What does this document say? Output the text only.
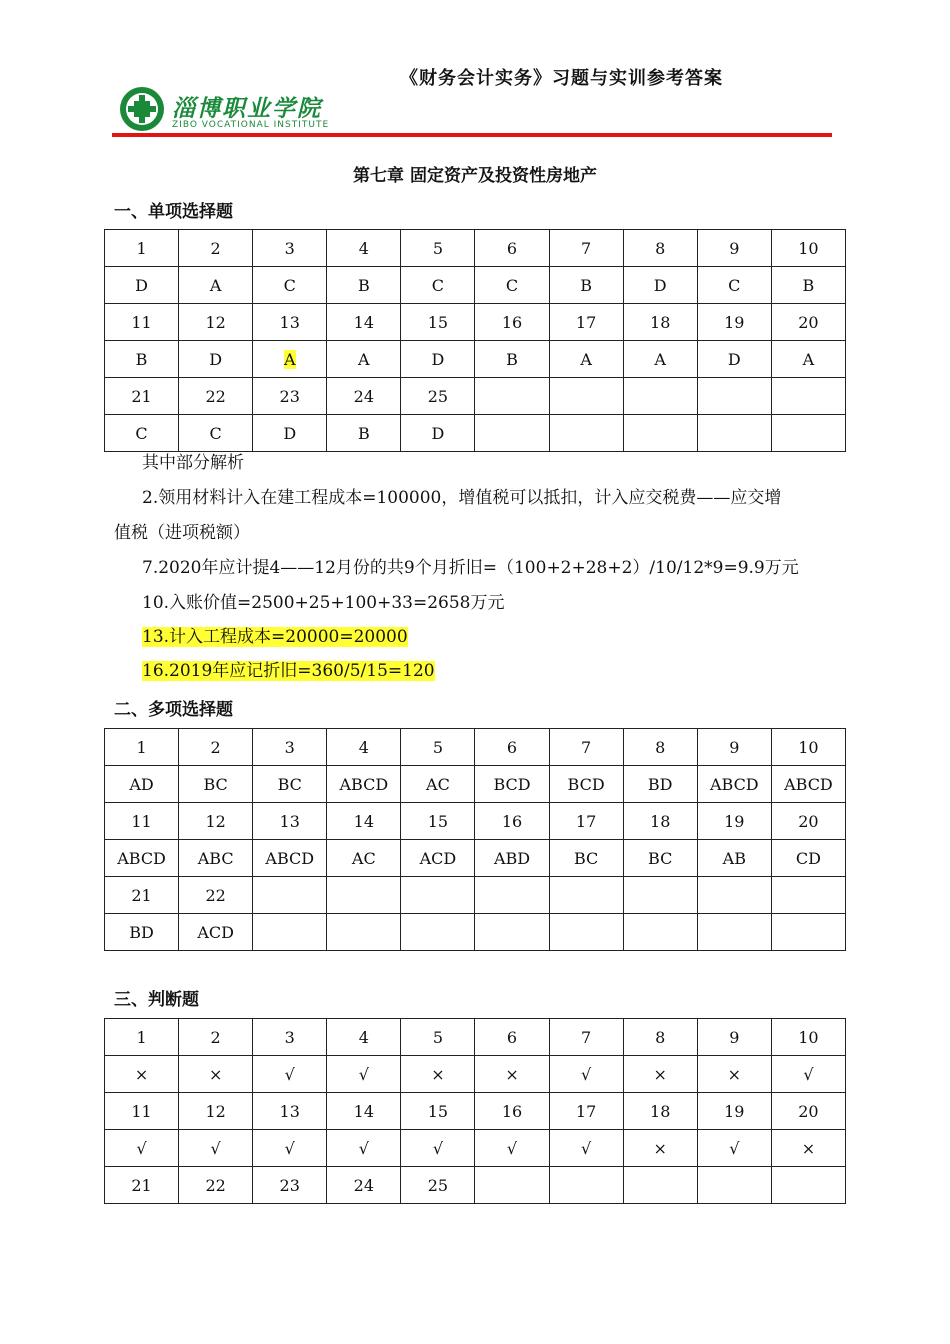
《财务会计实务》习题与实训参考答案
淄博职业学院
ZIBO VOCATIONAL INSTITUTE
第七章 固定资产及投资性房地产
一、单项选择题
1	2	3	4	5	6	7	8	9	10
D	A	C	B	C	C	B	D	C	B
11	12	13	14	15	16	17	18	19	20
B	D	A	A	D	B	A	A	D	A
21	22	23	24	25					
C	C	D	B	D					
其中部分解析
2.领用材料计入在建工程成本=100000，增值税可以抵扣，计入应交税费——应交增
值税（进项税额）
7.2020年应计提4——12月份的共9个月折旧=（100+2+28+2）/10/12*9=9.9万元
10.入账价值=2500+25+100+33=2658万元
13.计入工程成本=20000=20000
16.2019年应记折旧=360/5/15=120
二、多项选择题
1	2	3	4	5	6	7	8	9	10
AD	BC	BC	ABCD	AC	BCD	BCD	BD	ABCD	ABCD
11	12	13	14	15	16	17	18	19	20
ABCD	ABC	ABCD	AC	ACD	ABD	BC	BC	AB	CD
21	22								
BD	ACD								
三、判断题
1	2	3	4	5	6	7	8	9	10
×	×	√	√	×	×	√	×	×	√
11	12	13	14	15	16	17	18	19	20
√	√	√	√	√	√	√	×	√	×
21	22	23	24	25					
